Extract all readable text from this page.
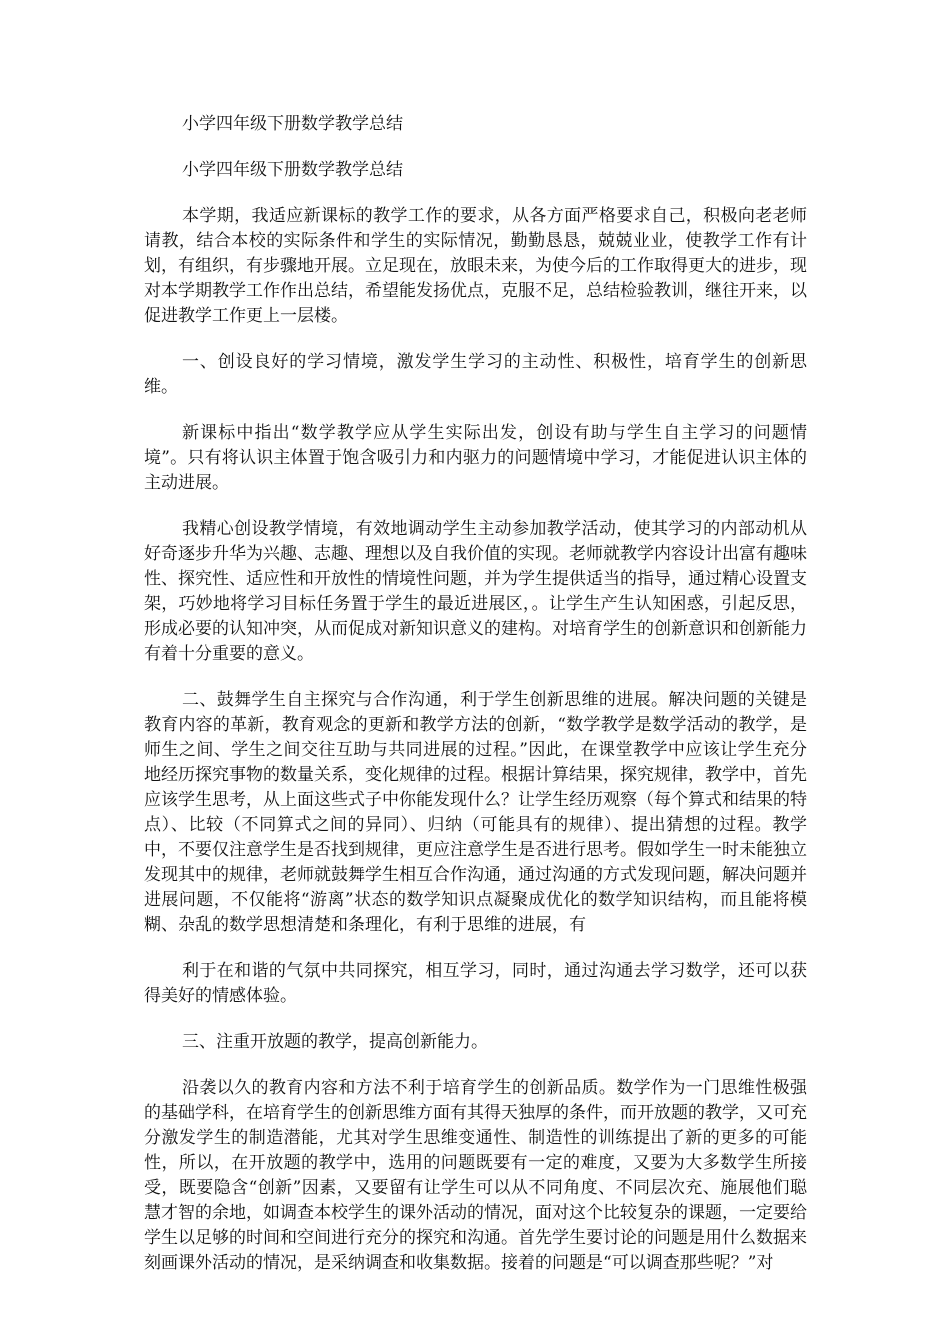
小学四年级下册数学教学总结
小学四年级下册数学教学总结

本学期，我适应新课标的教学工作的要求，从各方面严格要求自己，积极向老老师请教，结合本校的实际条件和学生的实际情况，勤勤恳恳，兢兢业业，使教学工作有计划，有组织，有步骤地开展。立足现在，放眼未来，为使今后的工作取得更大的进步，现对本学期教学工作作出总结，希望能发扬优点，克服不足，总结检验教训，继往开来，以促进教学工作更上一层楼。

一、创设良好的学习情境，激发学生学习的主动性、积极性，培育学生的创新思维。

新课标中指出“数学教学应从学生实际出发，创设有助与学生自主学习的问题情境”。只有将认识主体置于饱含吸引力和内驱力的问题情境中学习，才能促进认识主体的主动进展。

我精心创设教学情境，有效地调动学生主动参加教学活动，使其学习的内部动机从好奇逐步升华为兴趣、志趣、理想以及自我价值的实现。老师就教学内容设计出富有趣味性、探究性、适应性和开放性的情境性问题，并为学生提供适当的指导，通过精心设置支架，巧妙地将学习目标任务置于学生的最近进展区，。让学生产生认知困惑，引起反思，形成必要的认知冲突，从而促成对新知识意义的建构。对培育学生的创新意识和创新能力有着十分重要的意义。

二、鼓舞学生自主探究与合作沟通，利于学生创新思维的进展。解决问题的关键是教育内容的革新，教育观念的更新和教学方法的创新，“数学教学是数学活动的教学，是师生之间、学生之间交往互助与共同进展的过程。”因此，在课堂教学中应该让学生充分地经历探究事物的数量关系，变化规律的过程。根据计算结果，探究规律，教学中，首先应该学生思考，从上面这些式子中你能发现什么？让学生经历观察（每个算式和结果的特点）、比较（不同算式之间的异同）、归纳（可能具有的规律）、提出猜想的过程。教学中，不要仅注意学生是否找到规律，更应注意学生是否进行思考。假如学生一时未能独立发现其中的规律，老师就鼓舞学生相互合作沟通，通过沟通的方式发现问题，解决问题并进展问题，不仅能将“游离”状态的数学知识点凝聚成优化的数学知识结构，而且能将模糊、杂乱的数学思想清楚和条理化，有利于思维的进展，有

利于在和谐的气氛中共同探究，相互学习，同时，通过沟通去学习数学，还可以获得美好的情感体验。

三、注重开放题的教学，提高创新能力。

沿袭以久的教育内容和方法不利于培育学生的创新品质。数学作为一门思维性极强的基础学科，在培育学生的创新思维方面有其得天独厚的条件，而开放题的教学，又可充分激发学生的制造潜能，尤其对学生思维变通性、制造性的训练提出了新的更多的可能性，所以，在开放题的教学中，选用的问题既要有一定的难度，又要为大多数学生所接受，既要隐含“创新”因素，又要留有让学生可以从不同角度、不同层次充、施展他们聪慧才智的余地，如调查本校学生的课外活动的情况，面对这个比较复杂的课题，一定要给学生以足够的时间和空间进行充分的探究和沟通。首先学生要讨论的问题是用什么数据来刻画课外活动的情况，是采纳调查和收集数据。接着的问题是“可以调查那些呢？”对
